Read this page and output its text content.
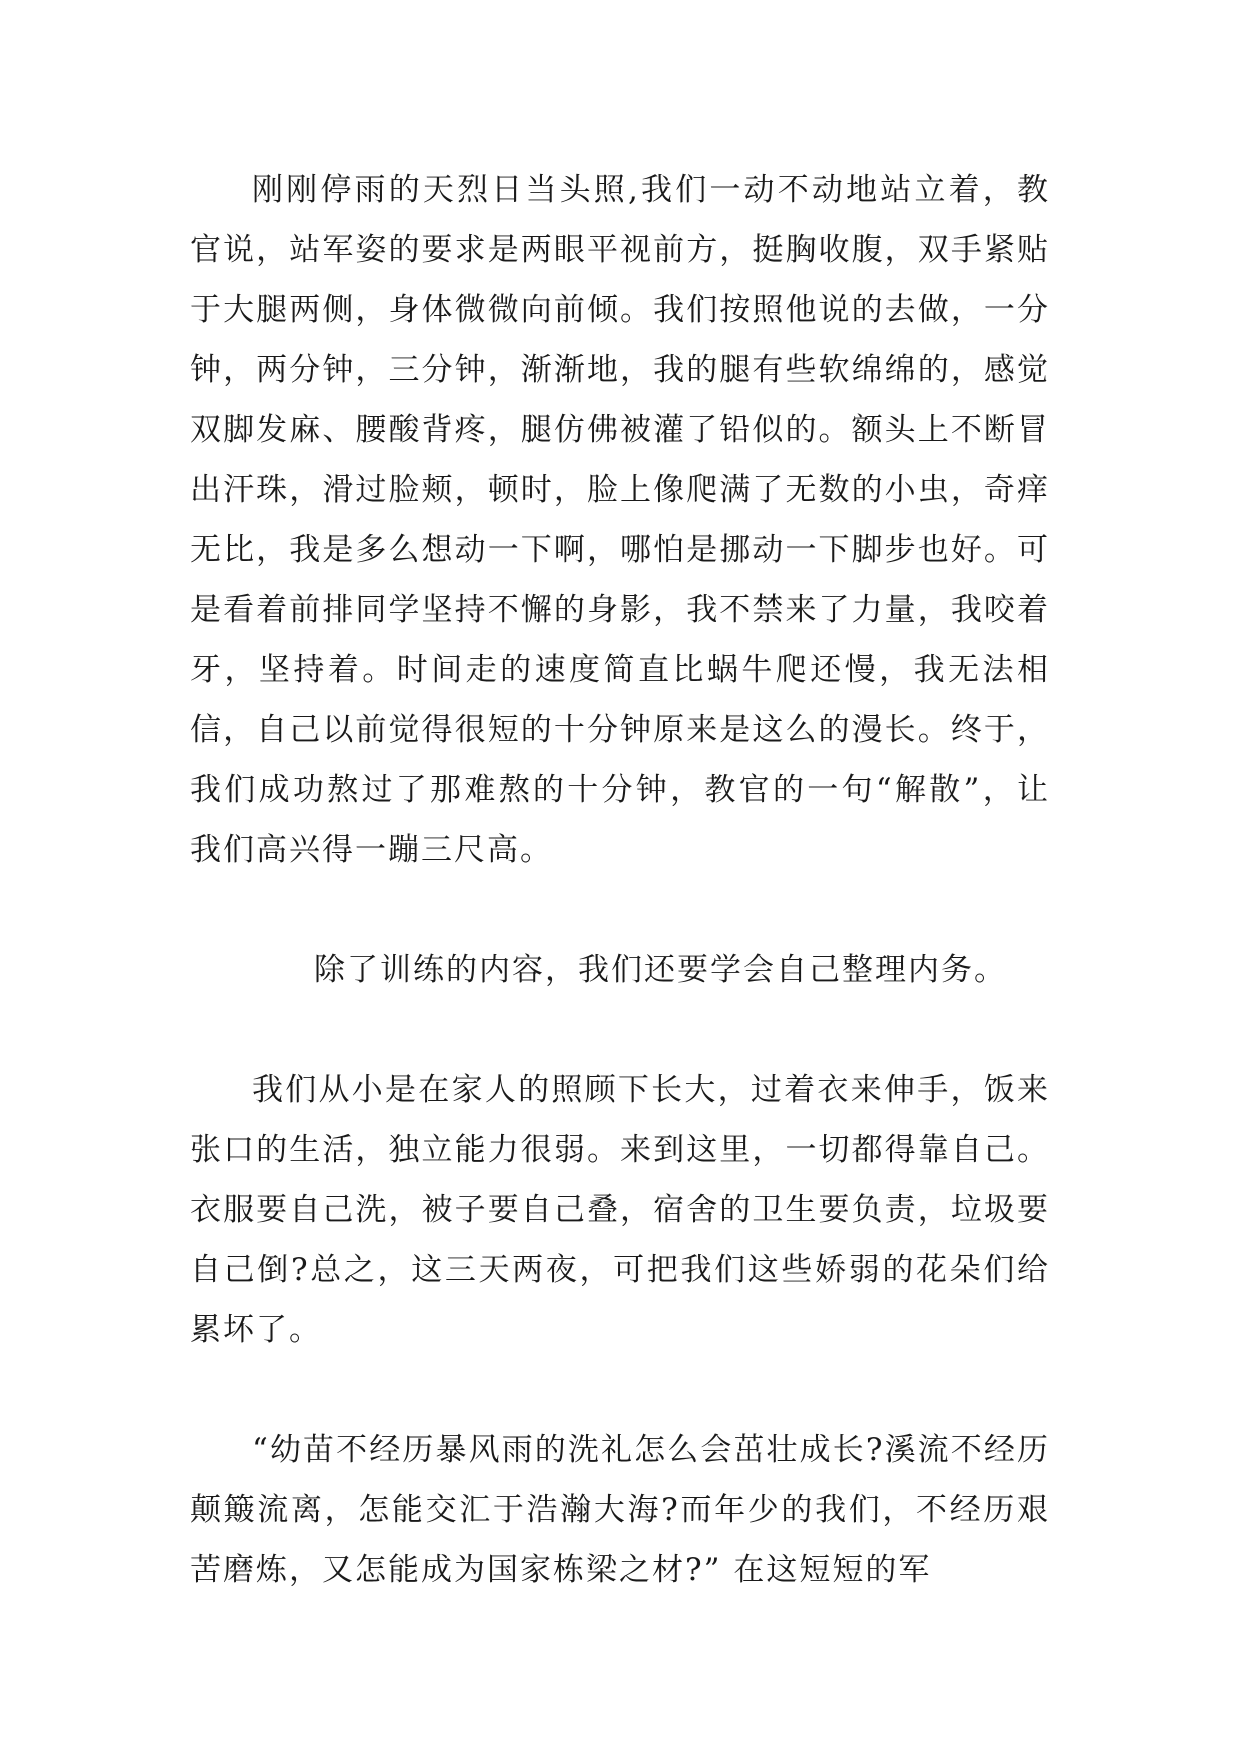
刚刚停雨的天烈日当头照,我们一动不动地站立着，教官说，站军姿的要求是两眼平视前方，挺胸收腹，双手紧贴于大腿两侧，身体微微向前倾。我们按照他说的去做，一分钟，两分钟，三分钟，渐渐地，我的腿有些软绵绵的，感觉双脚发麻、腰酸背疼，腿仿佛被灌了铅似的。额头上不断冒出汗珠，滑过脸颊，顿时，脸上像爬满了无数的小虫，奇痒无比，我是多么想动一下啊，哪怕是挪动一下脚步也好。可是看着前排同学坚持不懈的身影，我不禁来了力量，我咬着牙，坚持着。时间走的速度简直比蜗牛爬还慢，我无法相信，自己以前觉得很短的十分钟原来是这么的漫长。终于，我们成功熬过了那难熬的十分钟，教官的一句“解散”，让我们高兴得一蹦三尺高。

除了训练的内容，我们还要学会自己整理内务。

我们从小是在家人的照顾下长大，过着衣来伸手，饭来张口的生活，独立能力很弱。来到这里，一切都得靠自己。衣服要自己洗，被子要自己叠，宿舍的卫生要负责，垃圾要自己倒?总之，这三天两夜，可把我们这些娇弱的花朵们给累坏了。

“幼苗不经历暴风雨的洗礼怎么会茁壮成长?溪流不经历颠簸流离，怎能交汇于浩瀚大海?而年少的我们，不经历艰苦磨炼，又怎能成为国家栋梁之材?” 在这短短的军
